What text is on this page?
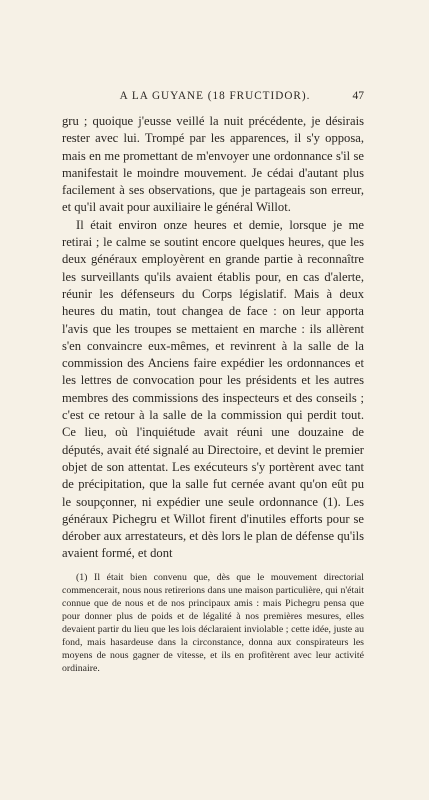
A LA GUYANE (18 FRUCTIDOR).	47

gru ; quoique j'eusse veillé la nuit précédente, je désirais rester avec lui. Trompé par les apparences, il s'y opposa, mais en me promettant de m'envoyer une ordonnance s'il se manifestait le moindre mouvement. Je cédai d'autant plus facilement à ses observations, que je partageais son erreur, et qu'il avait pour auxiliaire le général Willot.

Il était environ onze heures et demie, lorsque je me retirai ; le calme se soutint encore quelques heures, que les deux généraux employèrent en grande partie à reconnaître les surveillants qu'ils avaient établis pour, en cas d'alerte, réunir les défenseurs du Corps législatif. Mais à deux heures du matin, tout changea de face : on leur apporta l'avis que les troupes se mettaient en marche : ils allèrent s'en convaincre eux-mêmes, et revinrent à la salle de la commission des Anciens faire expédier les ordonnances et les lettres de convocation pour les présidents et les autres membres des commissions des inspecteurs et des conseils ; c'est ce retour à la salle de la commission qui perdit tout. Ce lieu, où l'inquiétude avait réuni une douzaine de députés, avait été signalé au Directoire, et devint le premier objet de son attentat. Les exécuteurs s'y portèrent avec tant de précipitation, que la salle fut cernée avant qu'on eût pu le soupçonner, ni expédier une seule ordonnance (1). Les généraux Pichegru et Willot firent d'inutiles efforts pour se dérober aux arrestateurs, et dès lors le plan de défense qu'ils avaient formé, et dont

(1) Il était bien convenu que, dès que le mouvement directorial commencerait, nous nous retirerions dans une maison particulière, qui n'était connue que de nous et de nos principaux amis : mais Pichegru pensa que pour donner plus de poids et de légalité à nos premières mesures, elles devaient partir du lieu que les lois déclaraient inviolable ; cette idée, juste au fond, mais hasardeuse dans la circonstance, donna aux conspirateurs les moyens de nous gagner de vitesse, et ils en profitèrent avec leur activité ordinaire.
